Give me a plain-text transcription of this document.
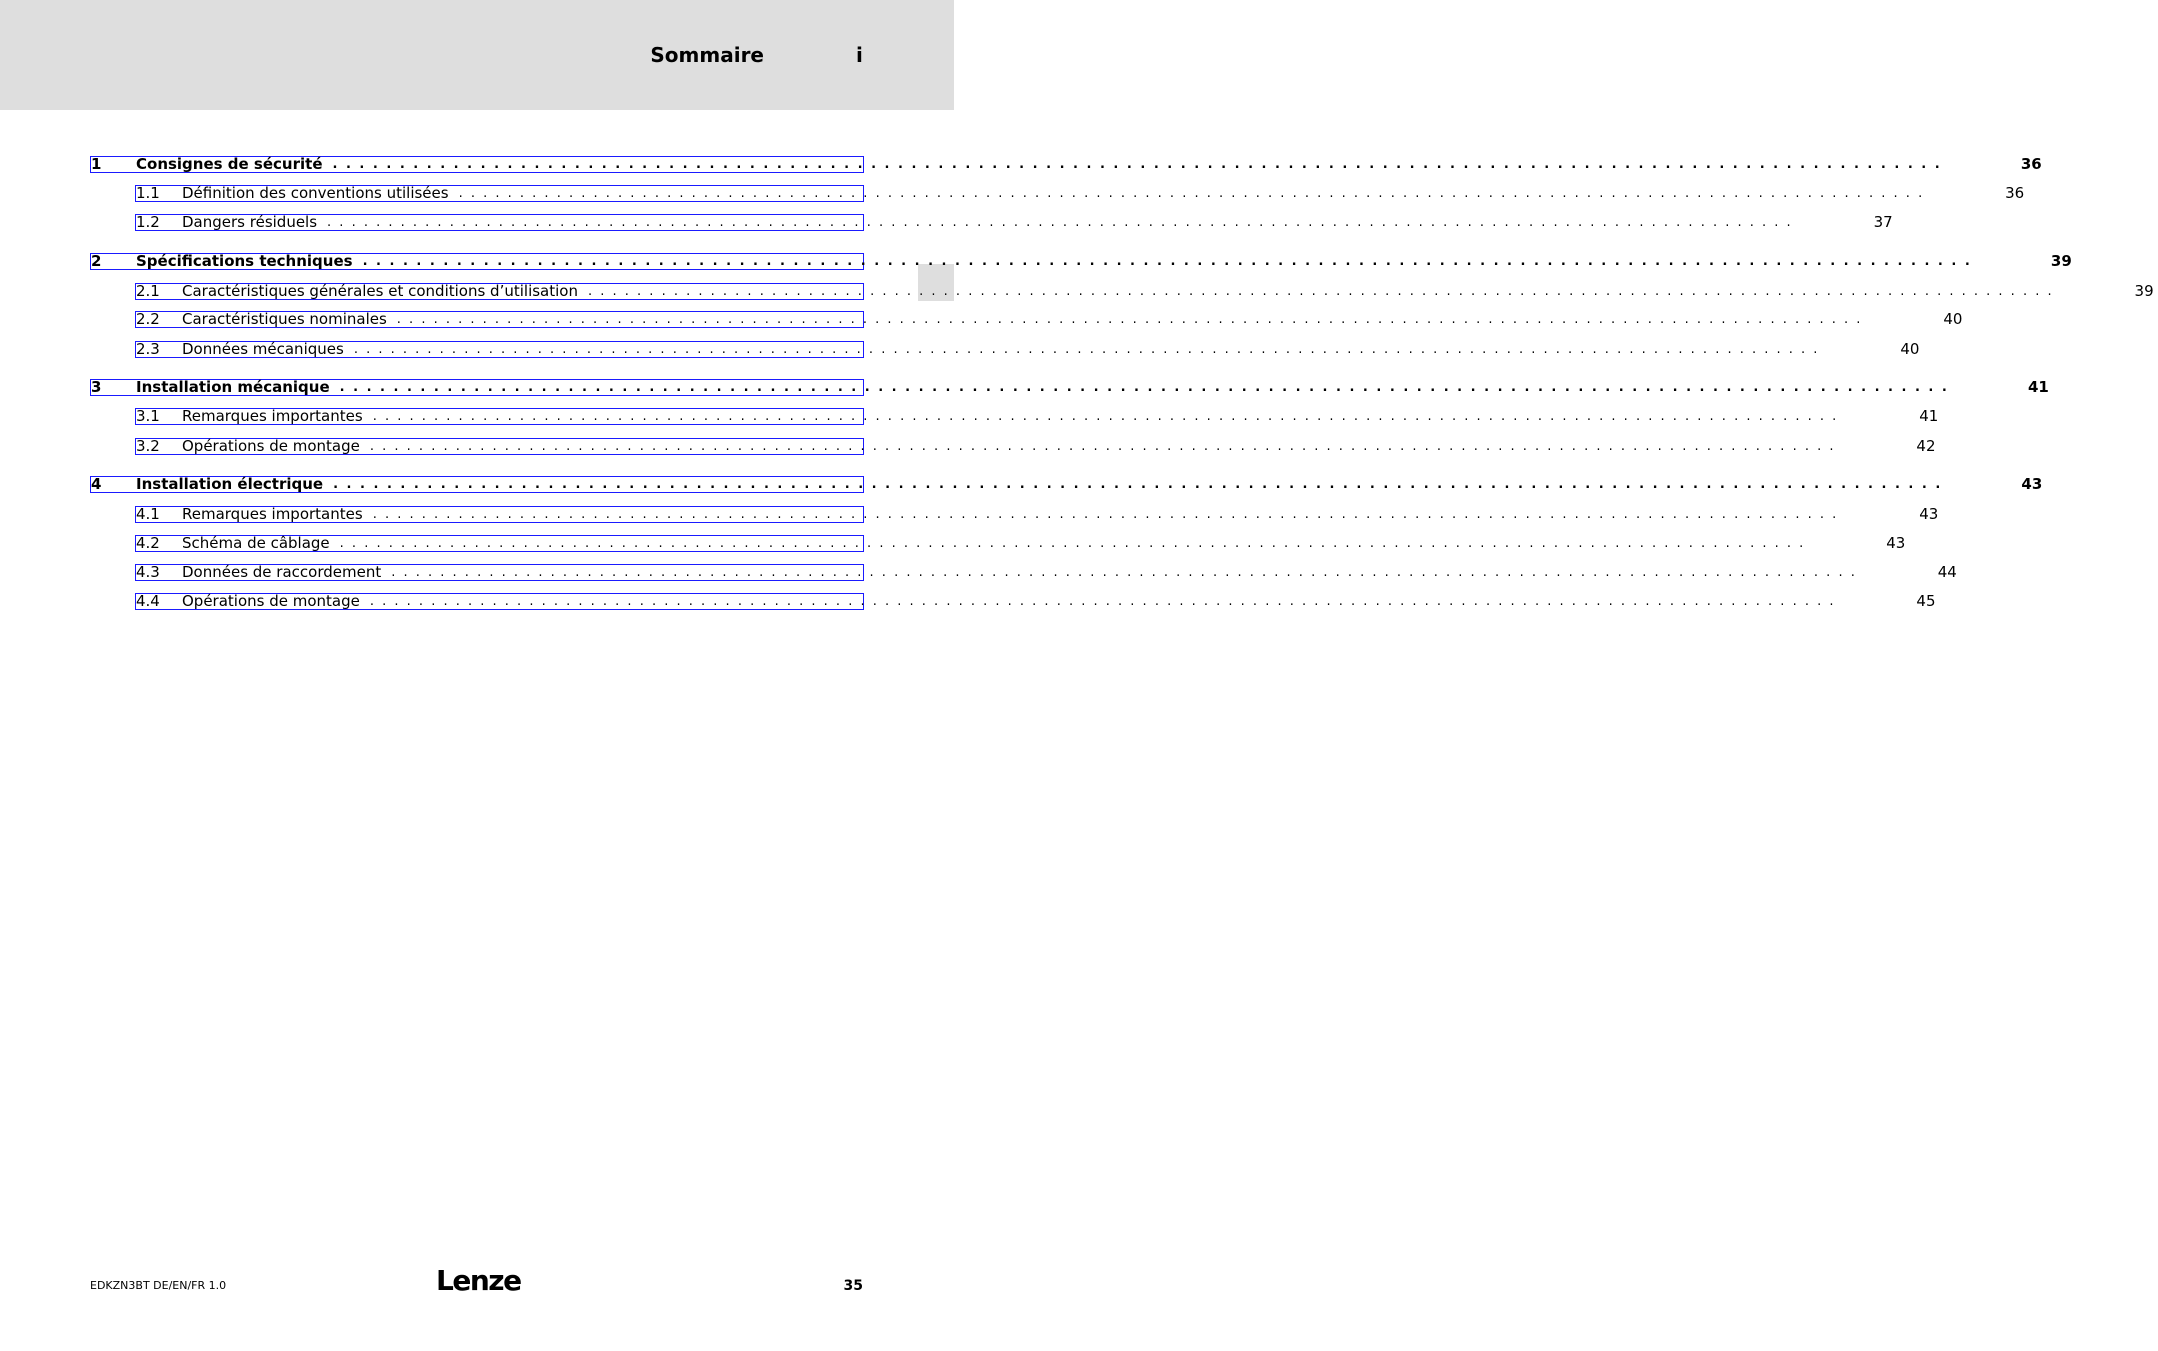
Sommaire	i
1	Consignes de sécurité . . . . . . . . . . . . . . . . . . . . . . . . . . . . . . . . . . . . . . . . . . . . . . . . . . . . . . . . . . . . . . . . . . . . . . . . . . . . . . . . . . . . . . . . . . . . . . . . . . . . . . . . . . . . . . . . . . . . . . . .	36
1.1	Définition des conventions utilisées . . . . . . . . . . . . . . . . . . . . . . . . . . . . . . . . . . . . . . . . . . . . . . . . . . . . . . . . . . . . . . . . . . . . . . . . . . . . . . . . . . . . . . . . . . . . . . . . . . . . . . . . . . . . . . . . . . . . . . . .	36
1.2	Dangers résiduels . . . . . . . . . . . . . . . . . . . . . . . . . . . . . . . . . . . . . . . . . . . . . . . . . . . . . . . . . . . . . . . . . . . . . . . . . . . . . . . . . . . . . . . . . . . . . . . . . . . . . . . . . . . . . . . . . . . . . . . .	37
2	Spécifications techniques . . . . . . . . . . . . . . . . . . . . . . . . . . . . . . . . . . . . . . . . . . . . . . . . . . . . . . . . . . . . . . . . . . . . . . . . . . . . . . . . . . . . . . . . . . . . . . . . . . . . . . . . . . . . . . . . . . . . . . . .	39
2.1	Caractéristiques générales et conditions d’utilisation . . . . . . . . . . . . . . . . . . . . . . . . . . . . . . . . . . . . . . . . . . . . . . . . . . . . . . . . . . . . . . . . . . . . . . . . . . . . . . . . . . . . . . . . . . . . . . . . . . . . . . . . . . . . . . . . . . . . . . . .	39
2.2	Caractéristiques nominales . . . . . . . . . . . . . . . . . . . . . . . . . . . . . . . . . . . . . . . . . . . . . . . . . . . . . . . . . . . . . . . . . . . . . . . . . . . . . . . . . . . . . . . . . . . . . . . . . . . . . . . . . . . . . . . . . . . . . . . .	40
2.3	Données mécaniques . . . . . . . . . . . . . . . . . . . . . . . . . . . . . . . . . . . . . . . . . . . . . . . . . . . . . . . . . . . . . . . . . . . . . . . . . . . . . . . . . . . . . . . . . . . . . . . . . . . . . . . . . . . . . . . . . . . . . . . .	40
3	Installation mécanique . . . . . . . . . . . . . . . . . . . . . . . . . . . . . . . . . . . . . . . . . . . . . . . . . . . . . . . . . . . . . . . . . . . . . . . . . . . . . . . . . . . . . . . . . . . . . . . . . . . . . . . . . . . . . . . . . . . . . . . .	41
3.1	Remarques importantes . . . . . . . . . . . . . . . . . . . . . . . . . . . . . . . . . . . . . . . . . . . . . . . . . . . . . . . . . . . . . . . . . . . . . . . . . . . . . . . . . . . . . . . . . . . . . . . . . . . . . . . . . . . . . . . . . . . . . . . .	41
3.2	Opérations de montage . . . . . . . . . . . . . . . . . . . . . . . . . . . . . . . . . . . . . . . . . . . . . . . . . . . . . . . . . . . . . . . . . . . . . . . . . . . . . . . . . . . . . . . . . . . . . . . . . . . . . . . . . . . . . . . . . . . . . . . .	42
4	Installation électrique . . . . . . . . . . . . . . . . . . . . . . . . . . . . . . . . . . . . . . . . . . . . . . . . . . . . . . . . . . . . . . . . . . . . . . . . . . . . . . . . . . . . . . . . . . . . . . . . . . . . . . . . . . . . . . . . . . . . . . . .	43
4.1	Remarques importantes . . . . . . . . . . . . . . . . . . . . . . . . . . . . . . . . . . . . . . . . . . . . . . . . . . . . . . . . . . . . . . . . . . . . . . . . . . . . . . . . . . . . . . . . . . . . . . . . . . . . . . . . . . . . . . . . . . . . . . . .	43
4.2	Schéma de câblage . . . . . . . . . . . . . . . . . . . . . . . . . . . . . . . . . . . . . . . . . . . . . . . . . . . . . . . . . . . . . . . . . . . . . . . . . . . . . . . . . . . . . . . . . . . . . . . . . . . . . . . . . . . . . . . . . . . . . . . .	43
4.3	Données de raccordement . . . . . . . . . . . . . . . . . . . . . . . . . . . . . . . . . . . . . . . . . . . . . . . . . . . . . . . . . . . . . . . . . . . . . . . . . . . . . . . . . . . . . . . . . . . . . . . . . . . . . . . . . . . . . . . . . . . . . . . .	44
4.4	Opérations de montage . . . . . . . . . . . . . . . . . . . . . . . . . . . . . . . . . . . . . . . . . . . . . . . . . . . . . . . . . . . . . . . . . . . . . . . . . . . . . . . . . . . . . . . . . . . . . . . . . . . . . . . . . . . . . . . . . . . . . . . .	45
EDKZN3BT DE/EN/FR 1.0	Lenze	35
